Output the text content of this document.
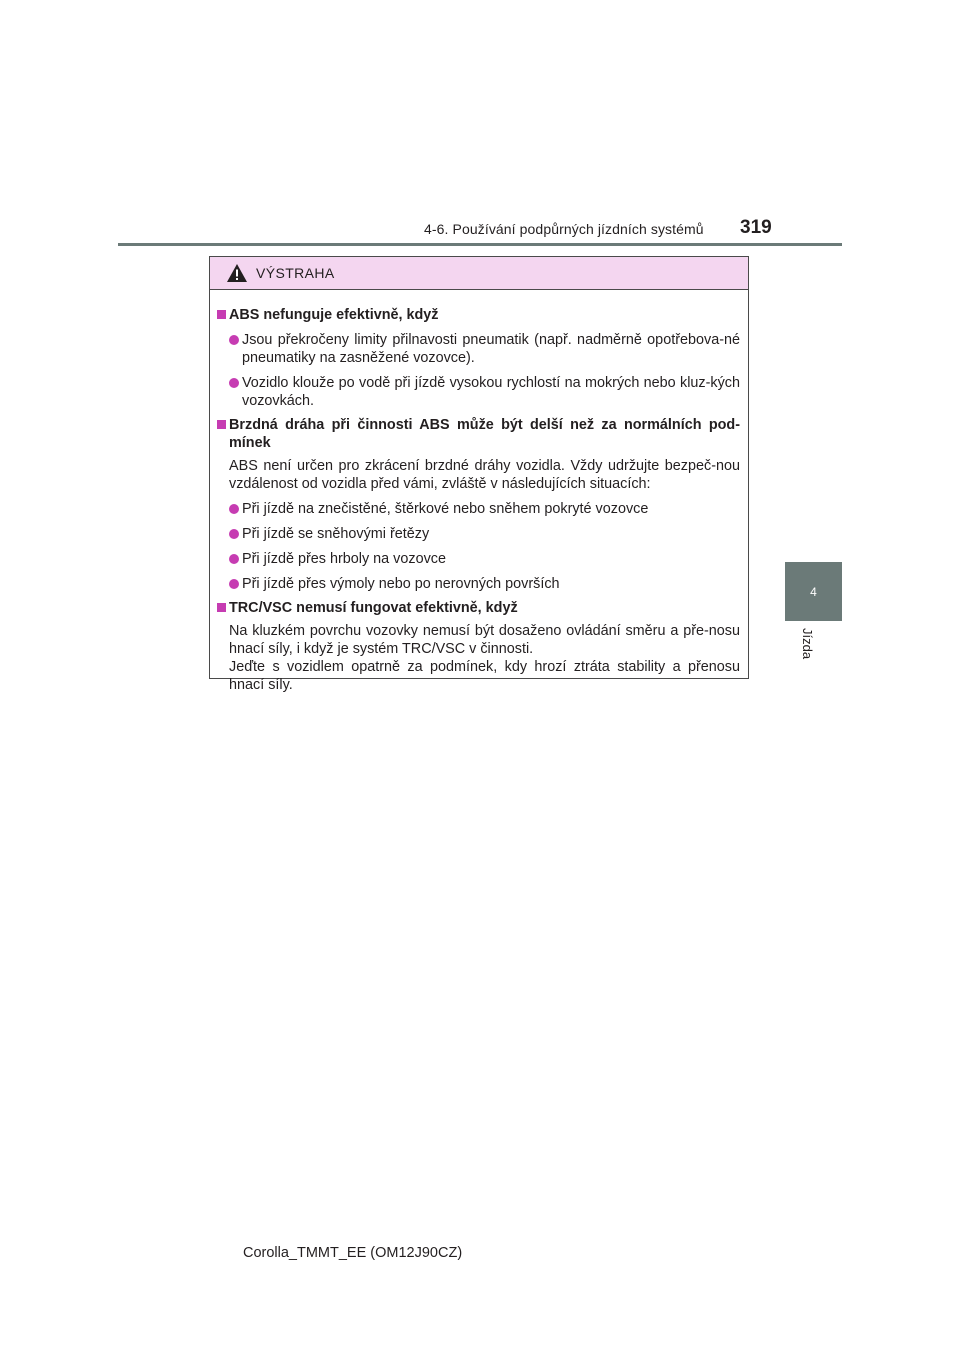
4-6. Používání podpůrných jízdních systémů 319
4
Jízda
VÝSTRAHA
ABS nefunguje efektivně, když
Jsou překročeny limity přilnavosti pneumatik (např. nadměrně opotřebova-né pneumatiky na zasněžené vozovce).
Vozidlo klouže po vodě při jízdě vysokou rychlostí na mokrých nebo kluz-kých vozovkách.
Brzdná dráha při činnosti ABS může být delší než za normálních pod-mínek
ABS není určen pro zkrácení brzdné dráhy vozidla. Vždy udržujte bezpeč-nou vzdálenost od vozidla před vámi, zvláště v následujících situacích:
Při jízdě na znečistěné, štěrkové nebo sněhem pokryté vozovce
Při jízdě se sněhovými řetězy
Při jízdě přes hrboly na vozovce
Při jízdě přes výmoly nebo po nerovných površích
TRC/VSC nemusí fungovat efektivně, když
Na kluzkém povrchu vozovky nemusí být dosaženo ovládání směru a pře-nosu hnací síly, i když je systém TRC/VSC v činnosti.
Jeďte s vozidlem opatrně za podmínek, kdy hrozí ztráta stability a přenosu hnací síly.
Corolla_TMMT_EE (OM12J90CZ)
